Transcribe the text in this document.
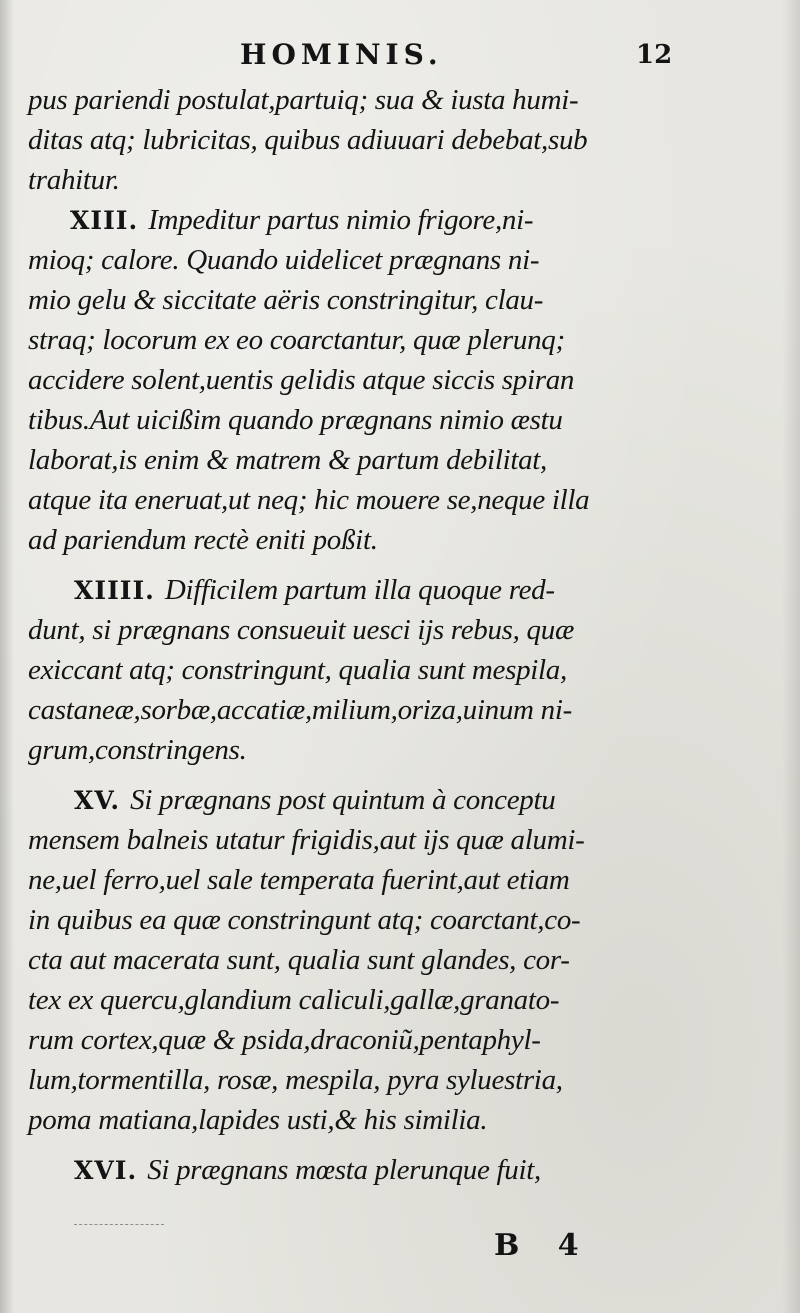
HOMINIS.	12
pus pariendi postulat,partuiq; sua & iusta humi-
ditas atq; lubricitas, quibus adiuuari debebat,sub
trahitur.
XIII. Impeditur partus nimio frigore,ni-
mioq; calore. Quando uidelicet prægnans ni-
mio gelu & siccitate aëris constringitur, clau-
straq; locorum ex eo coarctantur, quæ plerunq;
accidere solent,uentis gelidis atque siccis spiran
tibus.Aut uicißim quando prægnans nimio æstu
laborat,is enim & matrem & partum debilitat,
atque ita eneruat,ut neq; hic mouere se,neque illa
ad pariendum rectè eniti poßit.
XIIII. Difficilem partum illa quoque red-
dunt, si prægnans consueuit uesci ijs rebus, quæ
exiccant atq; constringunt, qualia sunt mespila,
castaneæ,sorbæ,accatiæ,milium,oriza,uinum ni-
grum,constringens.
XV. Si prægnans post quintum à conceptu
mensem balneis utatur frigidis,aut ijs quæ alumi-
ne,uel ferro,uel sale temperata fuerint,aut etiam
in quibus ea quæ constringunt atq; coarctant,co-
cta aut macerata sunt, qualia sunt glandes, cor-
tex ex quercu,glandium caliculi,gallæ,granato-
rum cortex,quæ & psida,draconiũ,pentaphyl-
lum,tormentilla, rosæ, mespila, pyra syluestria,
poma matiana,lapides usti,& his similia.
XVI. Si prægnans mœsta plerunque fuit,
B 4
